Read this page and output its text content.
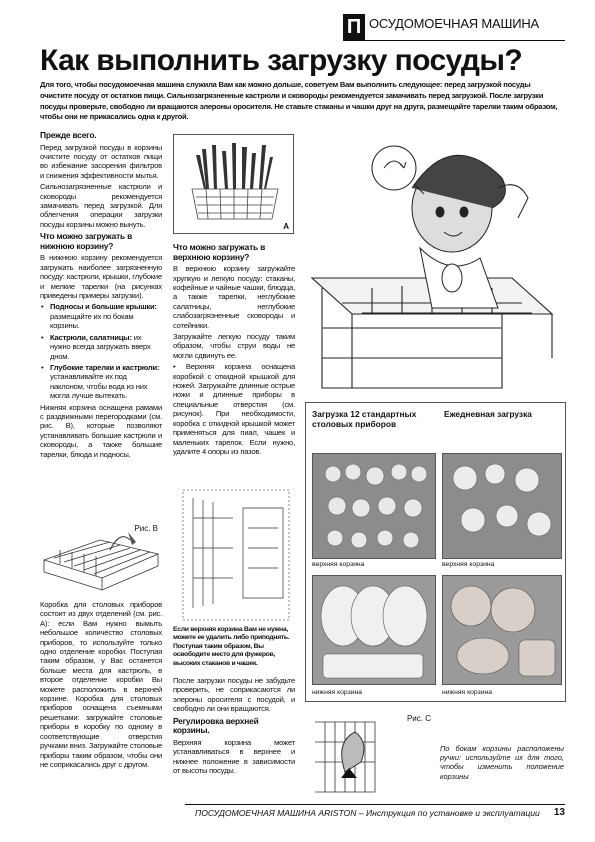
П ОСУДОМОЕЧНАЯ МАШИНА
Как выполнить загрузку посуды?
Для того, чтобы посудомоечная машина служила Вам как можно дольше, советуем Вам выполнить следующее: перед загрузкой посуды очистите посуду от остатков пищи. Сильнозагрязненные кастрюли и сковороды рекомендуется замачивать перед загрузкой. После загрузки посуды проверьте, свободно ли вращаются элероны оросителя. Не ставьте стаканы и чашки друг на друга, размещайте тарелки таким образом, чтобы они не прикасались одна к другой.
Прежде всего.

Перед загрузкой посуды в корзины очистите посуду от остатков пищи во избежание засорения фильтров и снижения эффективности мытья.

Сильнозагрязненные кастрюли и сковороды рекомендуется замачивать перед загрузкой. Для облегчения операции загрузки посуды корзины можно вынуть.

Что можно загружать в нижнюю корзину?

В нижнюю корзину рекомендуется загружать наиболее загрязненную посуду: кастрюли, крышки, глубокие и мелкие тарелки (на рисунках приведены примеры загрузки).

• Подносы и большие крышки: размещайте их по бокам корзины.
• Кастрюли, салатницы: их нужно всегда загружать вверх дном.
• Глубокие тарелки и кастрюли: устанавливайте их под наклоном, чтобы вода из них могла лучше вытекать.

Нижняя корзина оснащена рамами с раздвижными перегородками (см. рис. B), которые позволяют устанавливать большие кастрюли и сковороды, а также большие тарелки, блюда и подносы.

Рис. B

Коробка для столовых приборов состоит из двух отделений (см. рис. A): если Вам нужно вымыть небольшое количество столовых приборов, то используйте только одно отделение коробки. Поступая таким образом, у Вас останется больше места для кастрюль, в второе отделение коробки Вы можете расположить в верхней корзине. Коробка для столовых приборов оснащена съемными решетками: загружайте столовые приборы в коробку по одному в соответствующие отверстия ручками вниз. Загружайте столовые приборы таким образом, чтобы они не соприкасались друг с другом.

A
Что можно загружать в верхнюю корзину?

В верхнюю корзину загружайте хрупкую и легкую посуду: стаканы, кофейные и чайные чашки, блюдца, а также тарелки, неглубокие салатницы, неглубокие слабозагрязненные сковороды и сотейники.

Загружайте легкую посуду таким образом, чтобы струи воды не могли сдвинуть ее.

• Верхняя корзина оснащена коробкой с откидной крышкой для ножей. Загружайте длинные острые ножи и длинные приборы в специальные отверстия (см. рисунок). При необходимости, коробка с откидной крышкой может применяться для пиал, чашек и маленьких тарелок. Если нужно, удалите 4 опоры из пазов.

Если верхняя корзина Вам не нужна, можете ее удалить либо приподнять. Поступая таким образом, Вы освободите место для фужеров, высоких стаканов и чашек.

После загрузки посуды не забудьте проверить, не соприкасаются ли элероны оросителя с посудой, и свободно ли они вращаются.

Регулировка верхней корзины.

Верхняя корзина может устанавливаться в верхнее и нижнее положение в зависимости от высоты посуды.

Загрузка 12 стандартных столовых приборов
Ежедневная загрузка
верхняя корзина	верхняя корзина
нижняя корзина	нижняя корзина
Рис. C
По бокам корзины расположены ручки: используйте их для того, чтобы изменить положение корзины
ПОСУДОМОЕЧНАЯ МАШИНА ARISTON – Инструкция по установке и эксплуатации 13
